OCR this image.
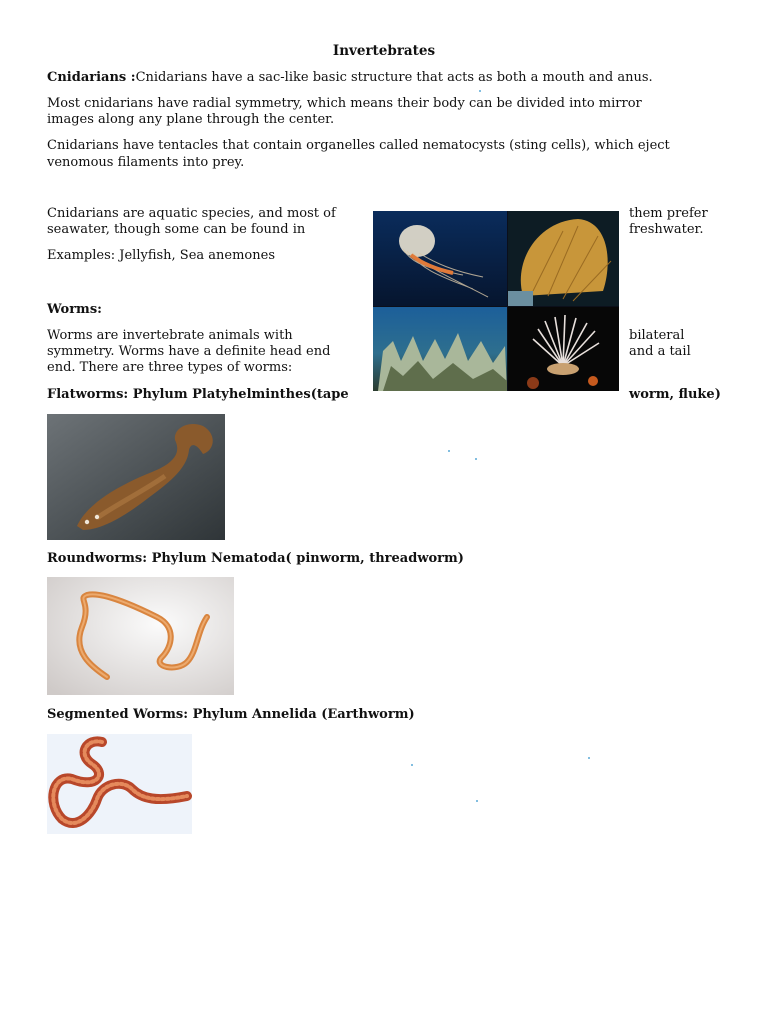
Invertebrates

Cnidarians :Cnidarians have a sac-like basic structure that acts as both a mouth and anus.

Most cnidarians have radial symmetry, which means their body can be divided into mirror

images along any plane through the center.

Cnidarians have tentacles that contain organelles called nematocysts (sting cells), which eject

venomous filaments into prey.

Cnidarians are aquatic species, and most of

seawater, though some can be found in

them prefer

freshwater.

Examples: Jellyfish, Sea anemones

Worms:

Worms are invertebrate animals with

symmetry. Worms have a definite head end

end. There are three types of worms:

bilateral

and a tail

Flatworms: Phylum Platyhelminthes(tape	worm, fluke)

Roundworms: Phylum Nematoda( pinworm, threadworm)

Segmented Worms: Phylum Annelida (Earthworm)
